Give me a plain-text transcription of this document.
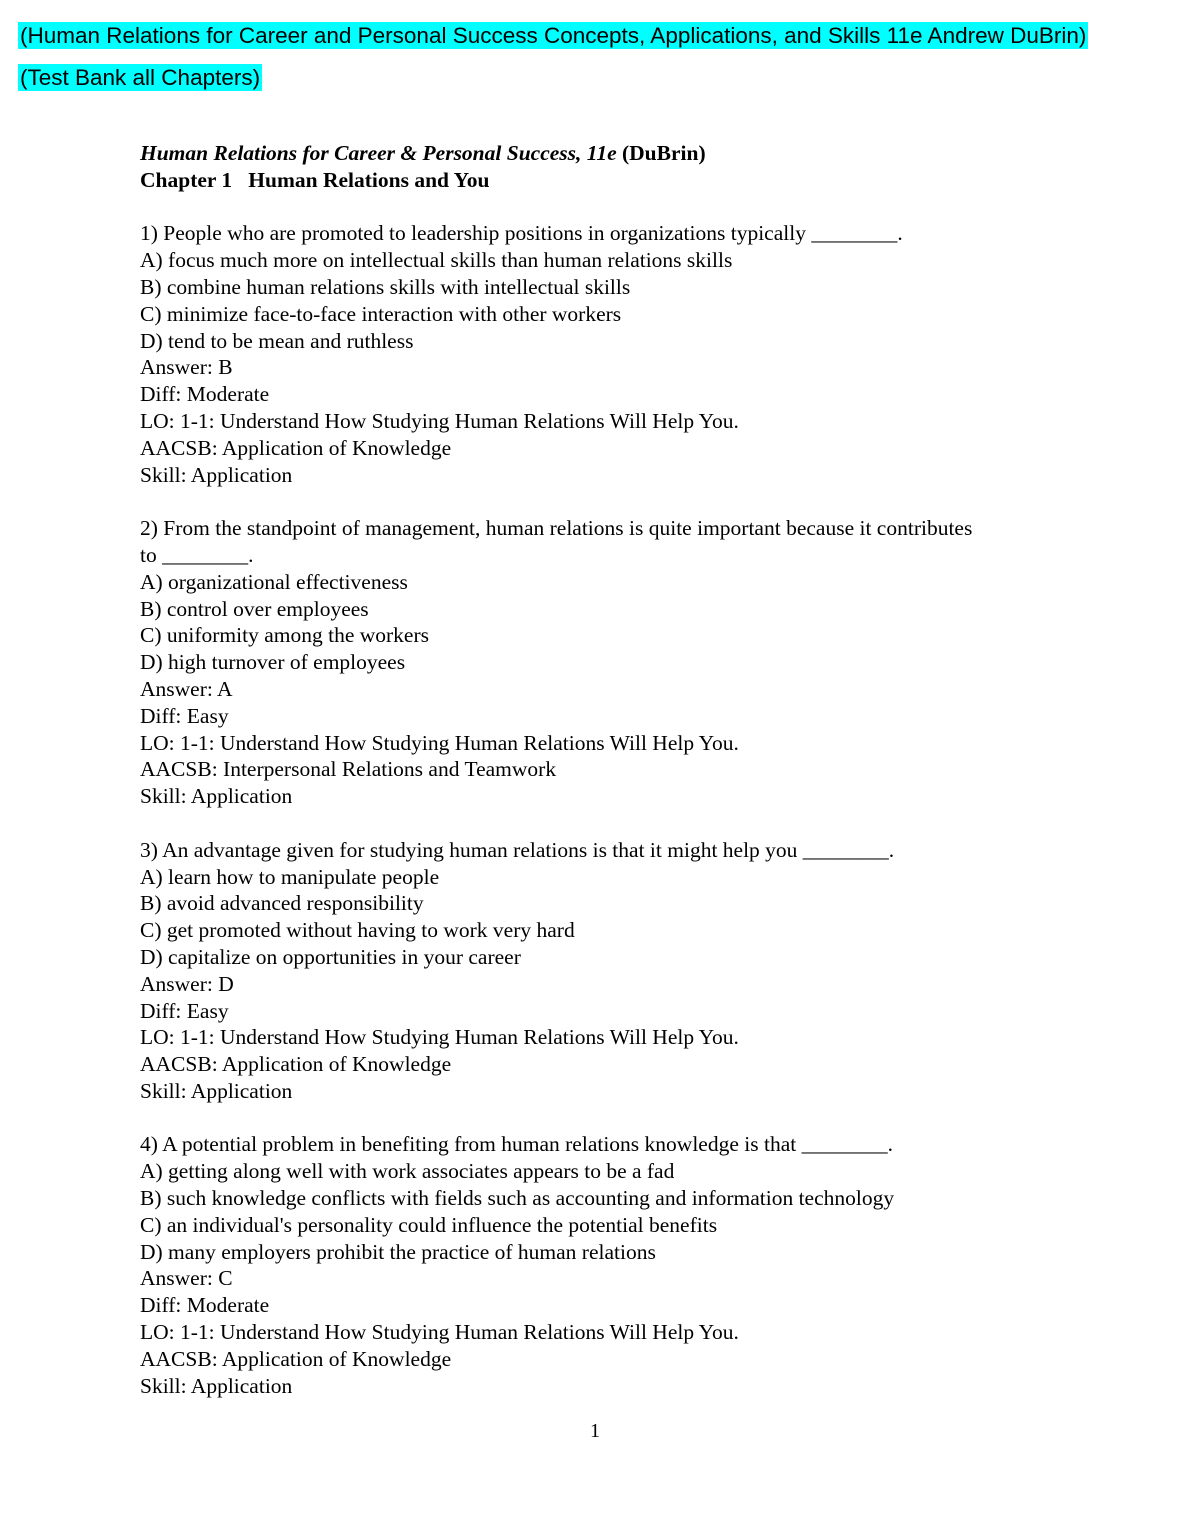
(Human Relations for Career and Personal Success Concepts, Applications, and Skills 11e Andrew DuBrin)
(Test Bank all Chapters)
Human Relations for Career & Personal Success, 11e (DuBrin)
Chapter 1   Human Relations and You

1) People who are promoted to leadership positions in organizations typically ________.

A) focus much more on intellectual skills than human relations skills

B) combine human relations skills with intellectual skills

C) minimize face-to-face interaction with other workers

D) tend to be mean and ruthless

Answer: B

Diff: Moderate

LO: 1-1: Understand How Studying Human Relations Will Help You.

AACSB: Application of Knowledge

Skill: Application

2) From the standpoint of management, human relations is quite important because it contributes

to ________.

A) organizational effectiveness

B) control over employees

C) uniformity among the workers

D) high turnover of employees

Answer: A

Diff: Easy

LO: 1-1: Understand How Studying Human Relations Will Help You.

AACSB: Interpersonal Relations and Teamwork

Skill: Application

3) An advantage given for studying human relations is that it might help you ________.

A) learn how to manipulate people

B) avoid advanced responsibility

C) get promoted without having to work very hard

D) capitalize on opportunities in your career

Answer: D

Diff: Easy

LO: 1-1: Understand How Studying Human Relations Will Help You.

AACSB: Application of Knowledge

Skill: Application

4) A potential problem in benefiting from human relations knowledge is that ________.

A) getting along well with work associates appears to be a fad

B) such knowledge conflicts with fields such as accounting and information technology

C) an individual's personality could influence the potential benefits

D) many employers prohibit the practice of human relations

Answer: C

Diff: Moderate

LO: 1-1: Understand How Studying Human Relations Will Help You.

AACSB: Application of Knowledge

Skill: Application

1
